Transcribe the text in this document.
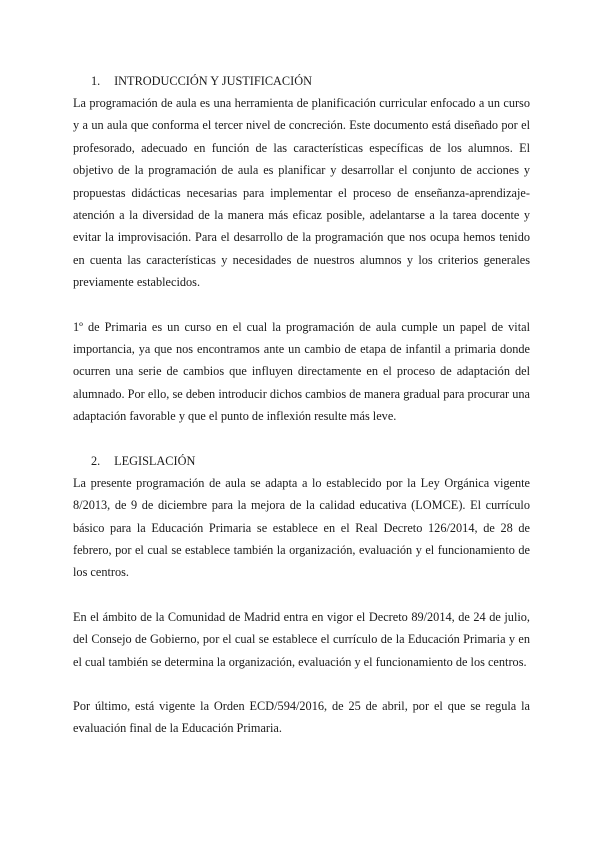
1. INTRODUCCIÓN Y JUSTIFICACIÓN

La programación de aula es una herramienta de planificación curricular enfocado a un curso y a un aula que conforma el tercer nivel de concreción. Este documento está diseñado por el profesorado, adecuado en función de las características específicas de los alumnos. El objetivo de la programación de aula es planificar y desarrollar el conjunto de acciones y propuestas didácticas necesarias para implementar el proceso de enseñanza-aprendizaje-atención a la diversidad de la manera más eficaz posible, adelantarse a la tarea docente y evitar la improvisación. Para el desarrollo de la programación que nos ocupa hemos tenido en cuenta las características y necesidades de nuestros alumnos y los criterios generales previamente establecidos.

1º de Primaria es un curso en el cual la programación de aula cumple un papel de vital importancia, ya que nos encontramos ante un cambio de etapa de infantil a primaria donde ocurren una serie de cambios que influyen directamente en el proceso de adaptación del alumnado. Por ello, se deben introducir dichos cambios de manera gradual para procurar una adaptación favorable y que el punto de inflexión resulte más leve.

2. LEGISLACIÓN

La presente programación de aula se adapta a lo establecido por la Ley Orgánica vigente 8/2013, de 9 de diciembre para la mejora de la calidad educativa (LOMCE). El currículo básico para la Educación Primaria se establece en el Real Decreto 126/2014, de 28 de febrero, por el cual se establece también la organización, evaluación y el funcionamiento de los centros.

En el ámbito de la Comunidad de Madrid entra en vigor el Decreto 89/2014, de 24 de julio, del Consejo de Gobierno, por el cual se establece el currículo de la Educación Primaria y en el cual también se determina la organización, evaluación y el funcionamiento de los centros.

Por último, está vigente la Orden ECD/594/2016, de 25 de abril, por el que se regula la evaluación final de la Educación Primaria.
